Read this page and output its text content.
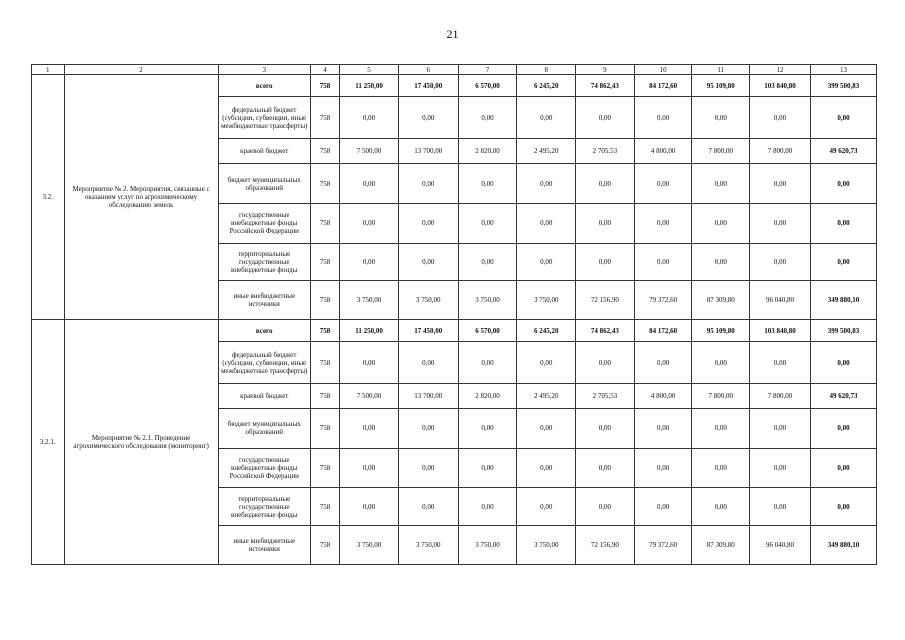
21
1	2	3	4	5	6	7	8	9	10	11	12	13
3.2.	Мероприятие № 2. Мероприятия, связанные с оказанием услуг по агрохимическому обследованию земель	всего	758	11 250,00	17 450,00	6 570,00	6 245,20	74 862,43	84 172,60	95 109,80	103 840,80	399 500,83
		федеральный бюджет (субсидии, субвенции, иные межбюджетные трансферты)	758	0,00	0,00	0,00	0,00	0,00	0,00	0,00	0,00	0,00
		краевой бюджет	758	7 500,00	13 700,00	2 820,00	2 495,20	2 705,53	4 800,00	7 800,00	7 800,00	49 620,73
		бюджет муниципальных образований	758	0,00	0,00	0,00	0,00	0,00	0,00	0,00	0,00	0,00
		государственные внебюджетные фонды Российской Федерации	758	0,00	0,00	0,00	0,00	0,00	0,00	0,00	0,00	0,00
		территориальные государственные внебюджетные фонды	758	0,00	0,00	0,00	0,00	0,00	0,00	0,00	0,00	0,00
		иные внебюджетные источники	758	3 750,00	3 750,00	3 750,00	3 750,00	72 156,90	79 372,60	87 309,80	96 040,80	349 880,10
3.2.1.	Мероприятие № 2.1. Проведение агрохимического обследования (мониторинг)	всего	758	11 250,00	17 450,00	6 570,00	6 245,20	74 862,43	84 172,60	95 109,80	103 840,80	399 500,83
		федеральный бюджет (субсидии, субвенции, иные межбюджетные трансферты)	758	0,00	0,00	0,00	0,00	0,00	0,00	0,00	0,00	0,00
		краевой бюджет	758	7 500,00	13 700,00	2 820,00	2 495,20	2 705,53	4 800,00	7 800,00	7 800,00	49 620,73
		бюджет муниципальных образований	758	0,00	0,00	0,00	0,00	0,00	0,00	0,00	0,00	0,00
		государственные внебюджетные фонды Российской Федерации	758	0,00	0,00	0,00	0,00	0,00	0,00	0,00	0,00	0,00
		территориальные государственные внебюджетные фонды	758	0,00	0,00	0,00	0,00	0,00	0,00	0,00	0,00	0,00
		иные внебюджетные источники	758	3 750,00	3 750,00	3 750,00	3 750,00	72 156,90	79 372,60	87 309,80	96 040,80	349 880,10
